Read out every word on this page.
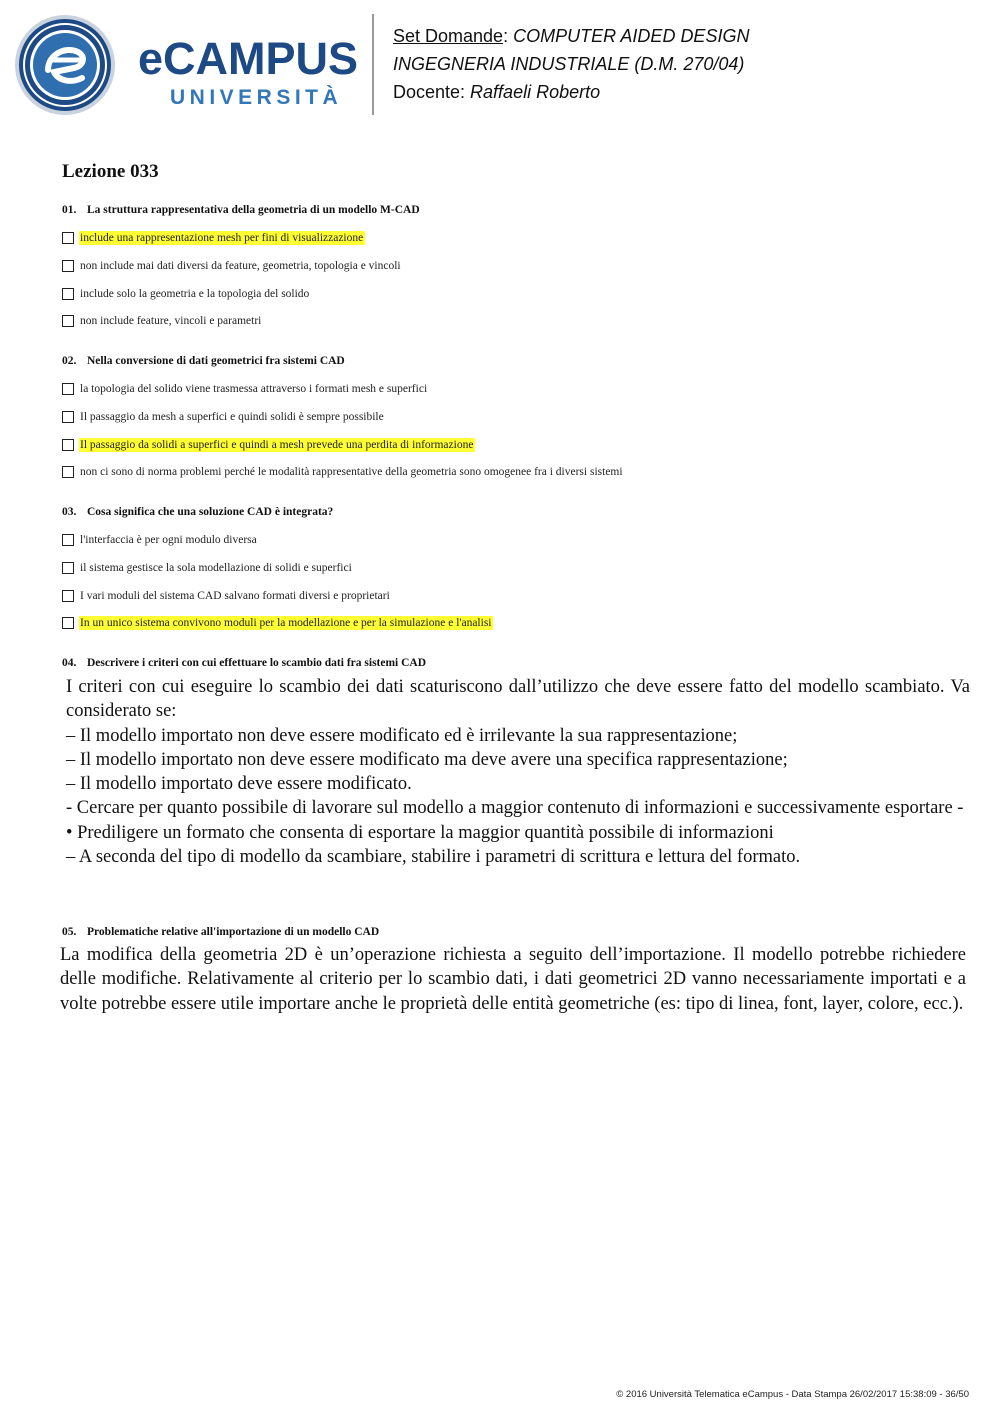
eCAMPUS
UNIVERSITÀ
Set Domande: COMPUTER AIDED DESIGN
INGEGNERIA INDUSTRIALE (D.M. 270/04)
Docente: Raffaeli Roberto
Lezione 033
01. La struttura rappresentativa della geometria di un modello M-CAD
include una rappresentazione mesh per fini di visualizzazione
non include mai dati diversi da feature, geometria, topologia e vincoli
include solo la geometria e la topologia del solido
non include feature, vincoli e parametri
02. Nella conversione di dati geometrici fra sistemi CAD
la topologia del solido viene trasmessa attraverso i formati mesh e superfici
Il passaggio da mesh a superfici e quindi solidi è sempre possibile
Il passaggio da solidi a superfici e quindi a mesh prevede una perdita di informazione
non ci sono di norma problemi perché le modalità rappresentative della geometria sono omogenee fra i diversi sistemi
03. Cosa significa che una soluzione CAD è integrata?
l'interfaccia è per ogni modulo diversa
il sistema gestisce la sola modellazione di solidi e superfici
I vari moduli del sistema CAD salvano formati diversi e proprietari
In un unico sistema convivono moduli per la modellazione e per la simulazione e l'analisi
04. Descrivere i criteri con cui effettuare lo scambio dati fra sistemi CAD

I criteri con cui eseguire lo scambio dei dati scaturiscono dall’utilizzo che deve essere fatto del modello scambiato. Va considerato se:

– Il modello importato non deve essere modificato ed è irrilevante la sua rappresentazione;

– Il modello importato non deve essere modificato ma deve avere una specifica rappresentazione;

– Il modello importato deve essere modificato.

- Cercare per quanto possibile di lavorare sul modello a maggior contenuto di informazioni e successivamente esportare -

• Prediligere un formato che consenta di esportare la maggior quantità possibile di informazioni

– A seconda del tipo di modello da scambiare, stabilire i parametri di scrittura e lettura del formato.

05. Problematiche relative all'importazione di un modello CAD

La modifica della geometria 2D è un’operazione richiesta a seguito dell’importazione. Il modello potrebbe richiedere delle modifiche. Relativamente al criterio per lo scambio dati, i dati geometrici 2D vanno necessariamente importati e a volte potrebbe essere utile importare anche le proprietà delle entità geometriche (es: tipo di linea, font, layer, colore, ecc.).

© 2016 Università Telematica eCampus - Data Stampa 26/02/2017 15:38:09 - 36/50
